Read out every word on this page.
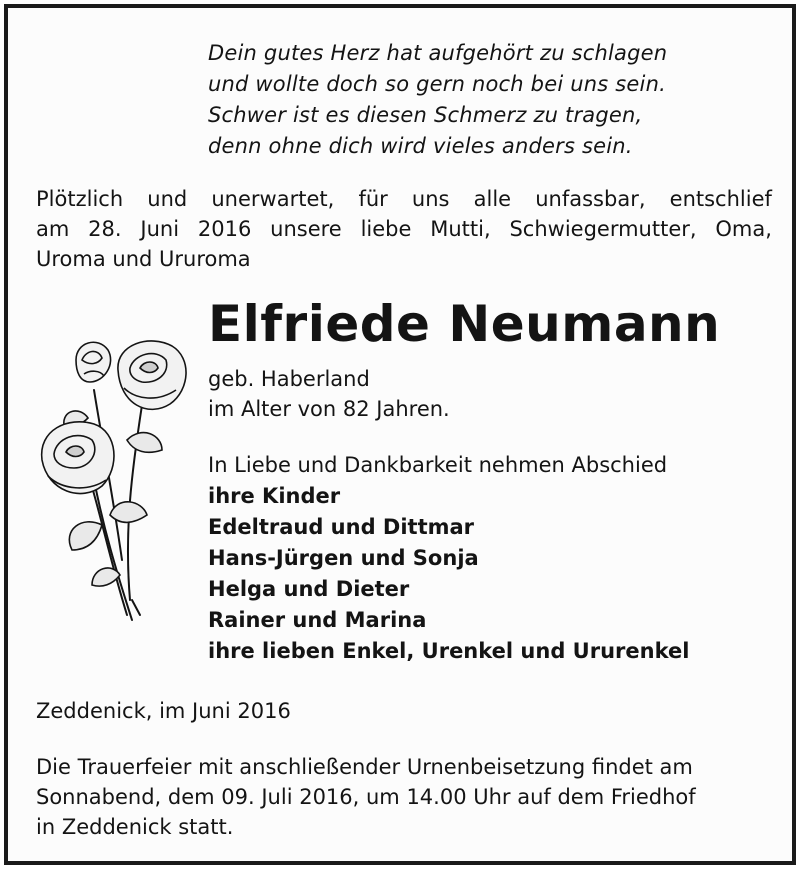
Dein gutes Herz hat aufgehört zu schlagen
und wollte doch so gern noch bei uns sein.
Schwer ist es diesen Schmerz zu tragen,
denn ohne dich wird vieles anders sein.
Plötzlich und unerwartet, für uns alle unfassbar, entschlief
am 28. Juni 2016 unsere liebe Mutti, Schwiegermutter, Oma,
Uroma und Ururoma
Elfriede Neumann
geb. Haberland
im Alter von 82 Jahren.
In Liebe und Dankbarkeit nehmen Abschied
ihre Kinder
Edeltraud und Dittmar
Hans-Jürgen und Sonja
Helga und Dieter
Rainer und Marina
ihre lieben Enkel, Urenkel und Ururenkel
Zeddenick, im Juni 2016
Die Trauerfeier mit anschließender Urnenbeisetzung findet am
Sonnabend, dem 09. Juli 2016, um 14.00 Uhr auf dem Friedhof
in Zeddenick statt.
